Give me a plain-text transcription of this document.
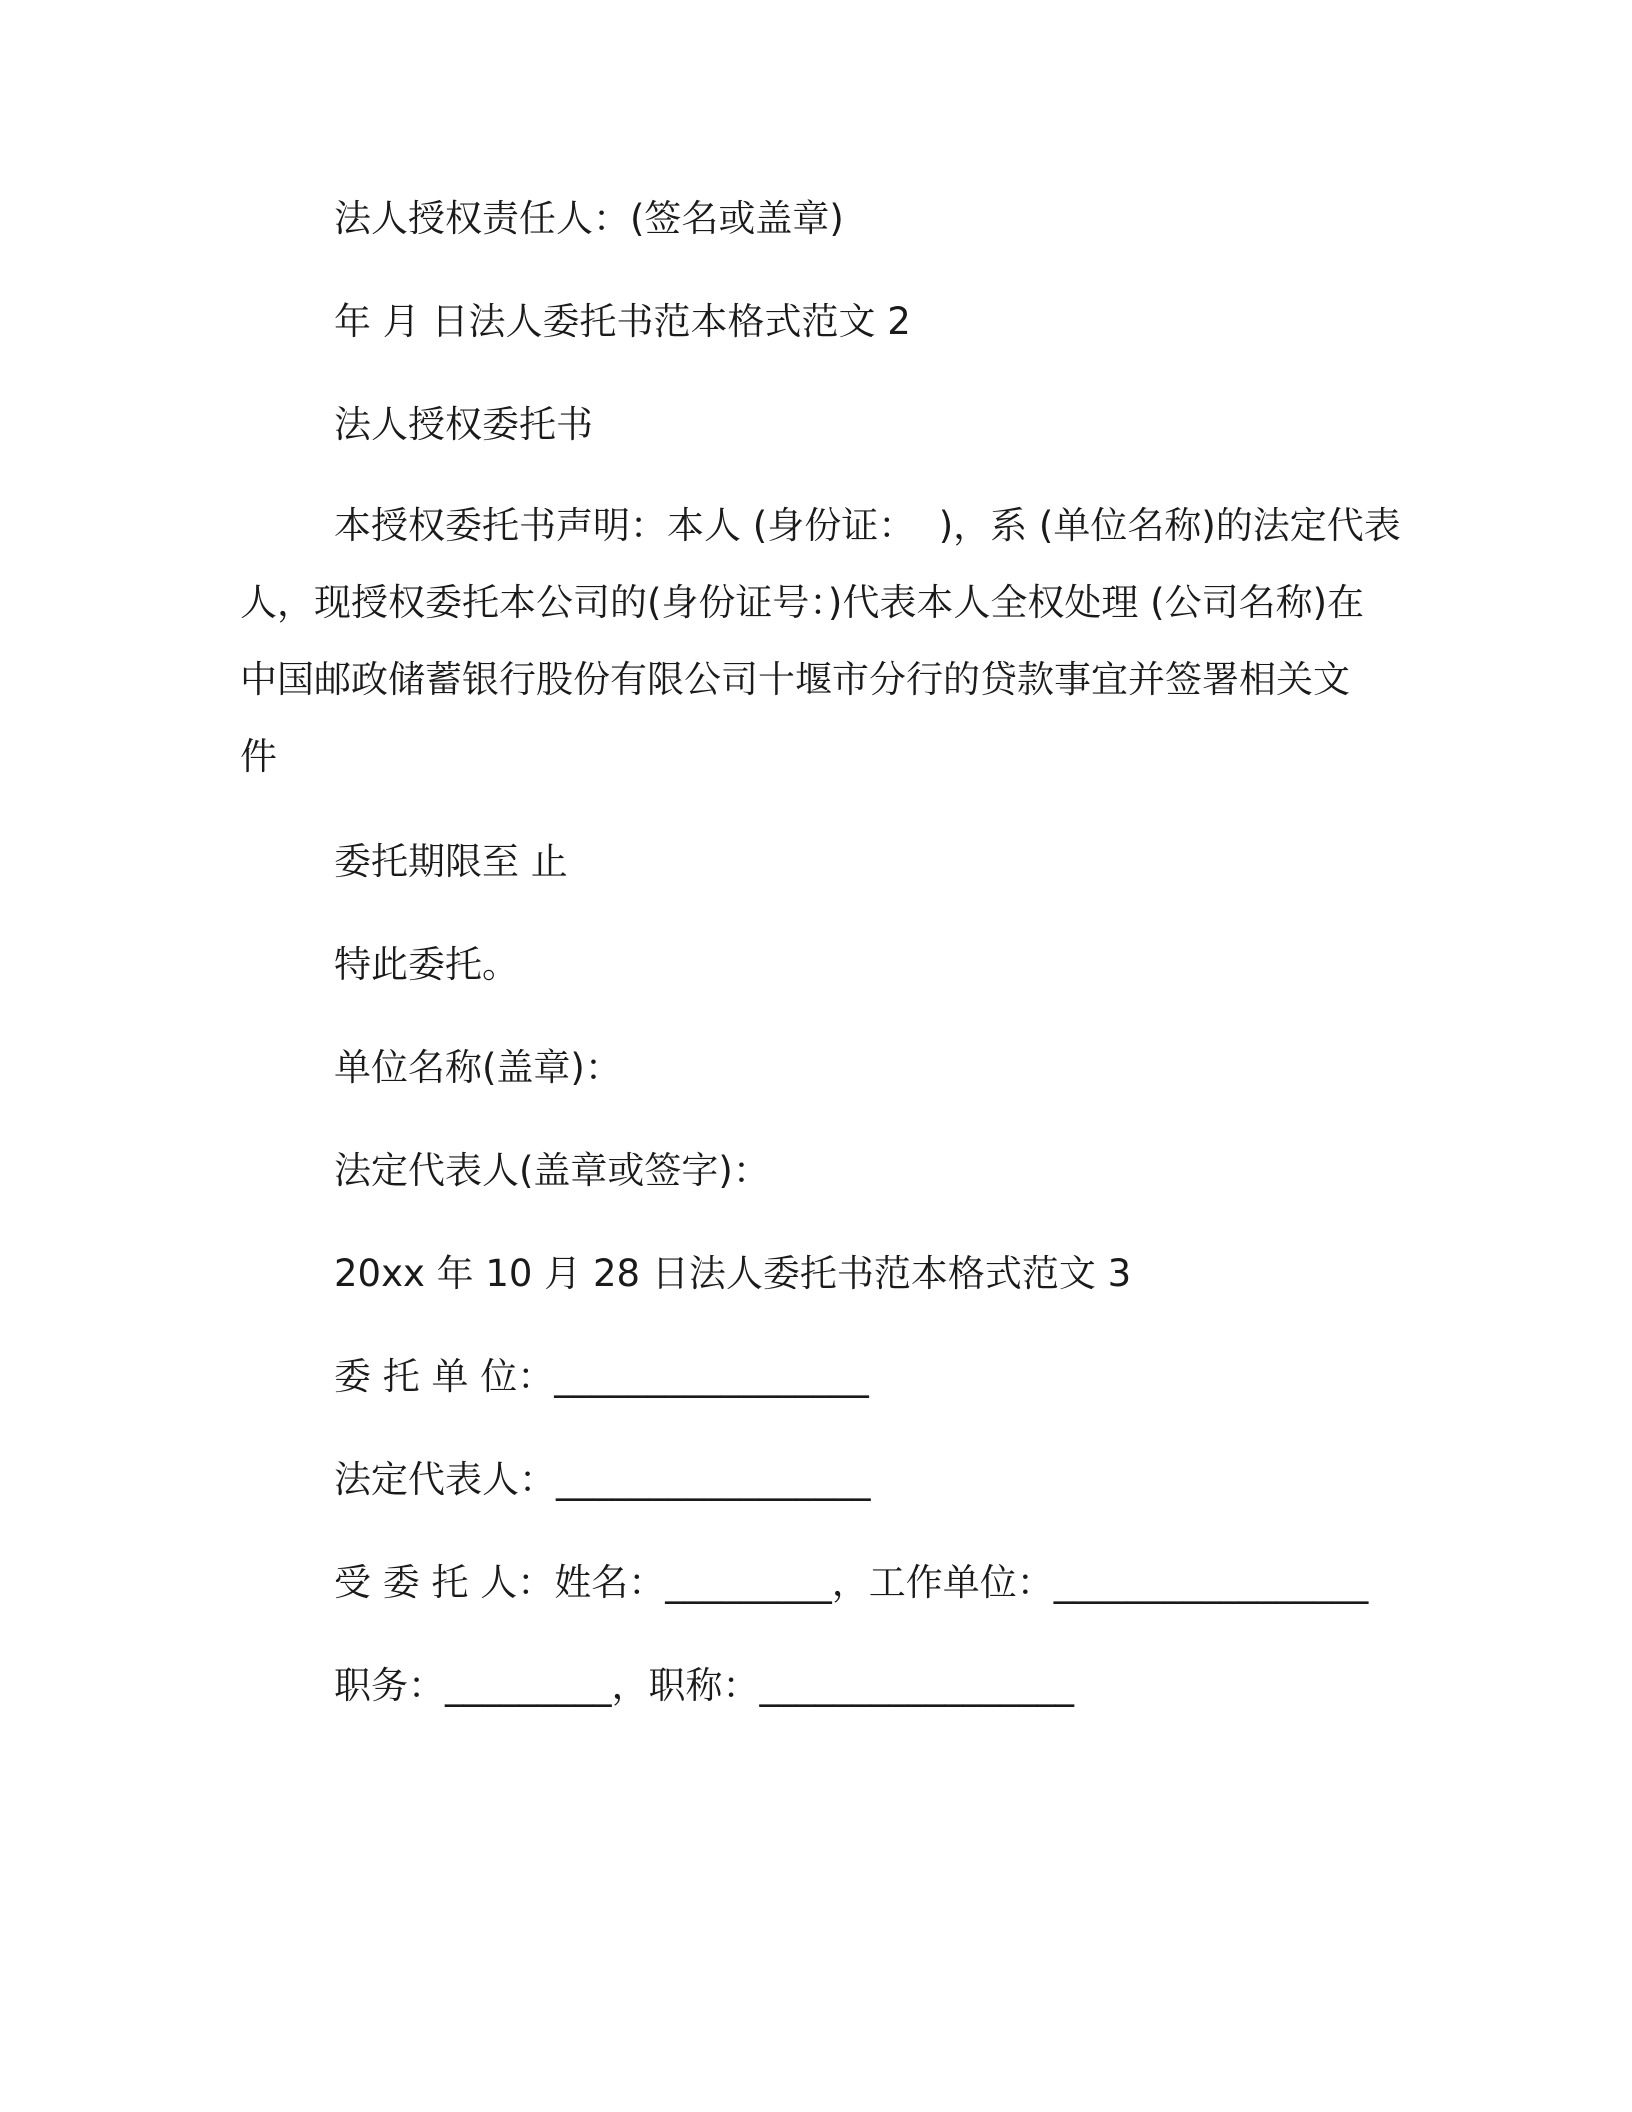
法人授权责任人：(签名或盖章)
年 月 日法人委托书范本格式范文 2
法人授权委托书
本授权委托书声明：本人 (身份证：  )，系 (单位名称)的法定代表
人，现授权委托本公司的(身份证号：)代表本人全权处理 (公司名称)在
中国邮政储蓄银行股份有限公司十堰市分行的贷款事宜并签署相关文
件
委托期限至 止
特此委托。
单位名称(盖章)：
法定代表人(盖章或签字)：
20xx 年 10 月 28 日法人委托书范本格式范文 3
委 托 单 位：_________________
法定代表人：_________________
受 委 托 人：姓名：_________，工作单位：_________________
职务：_________，职称：_________________
